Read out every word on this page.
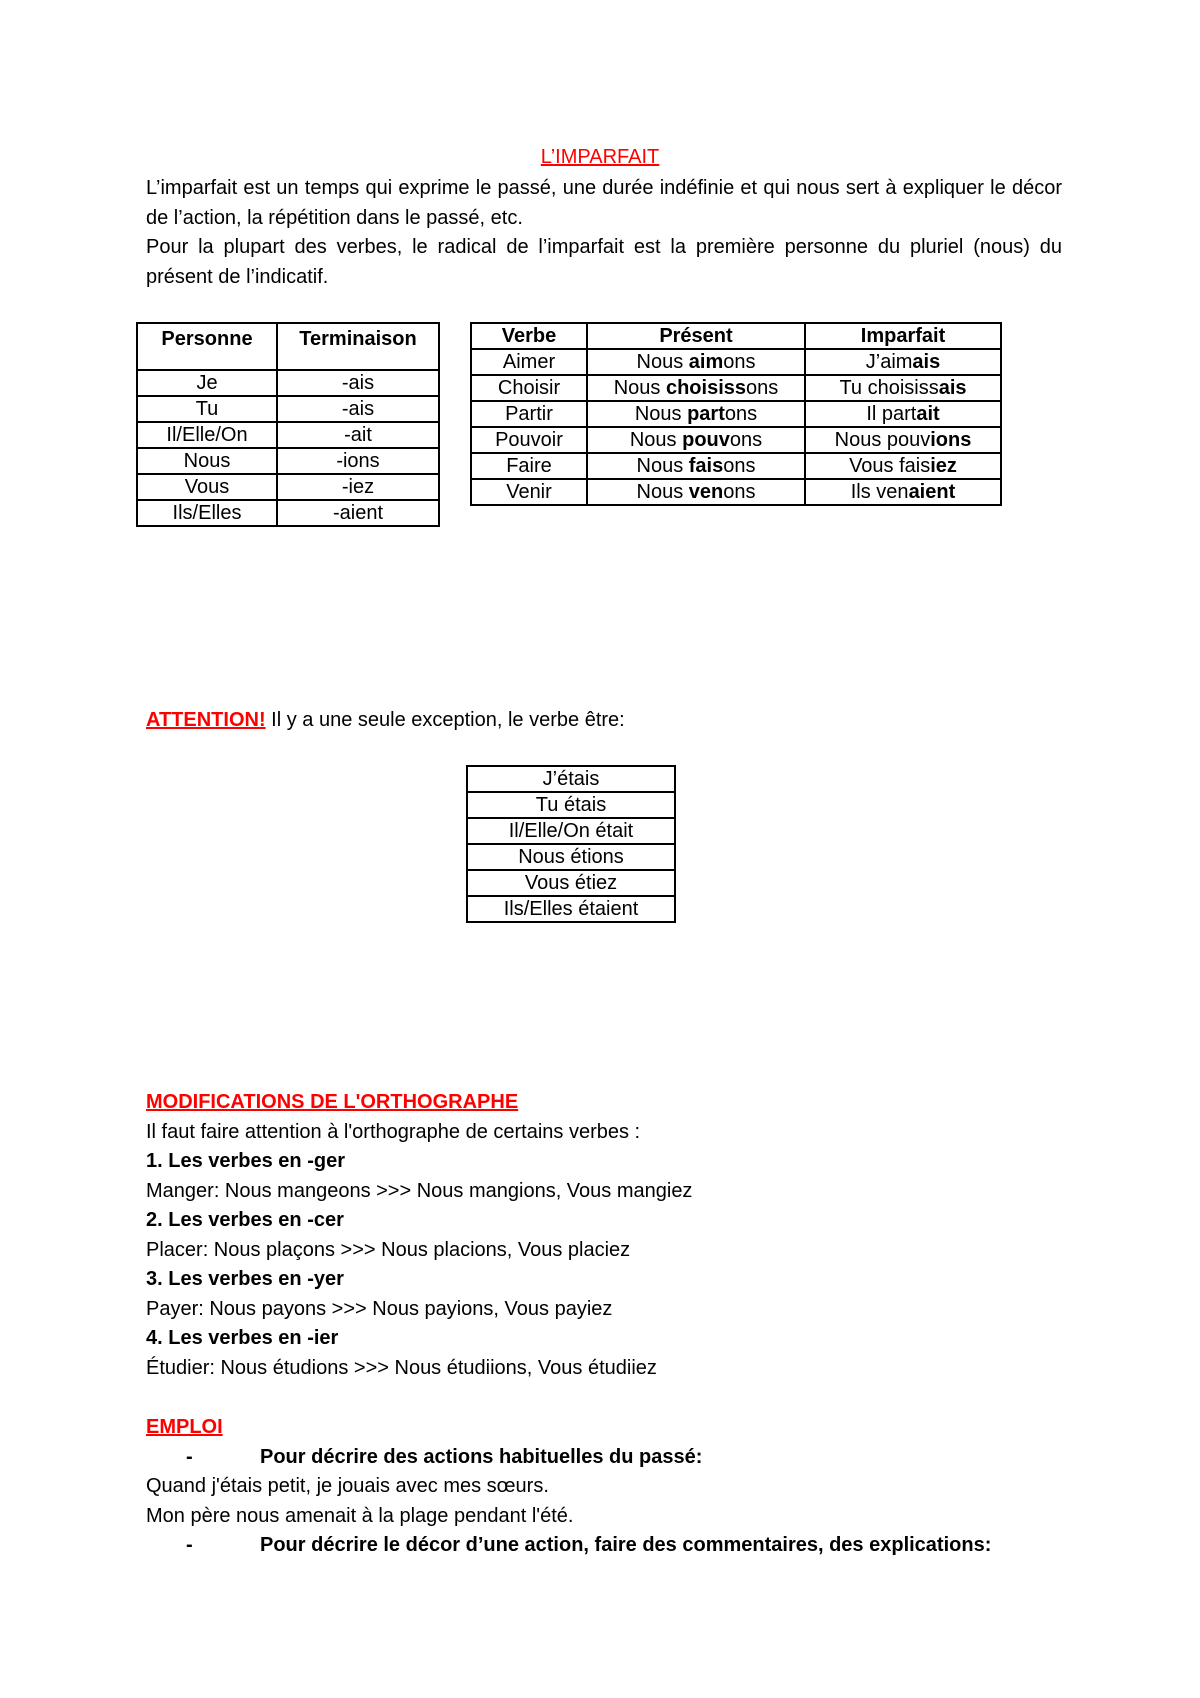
L’IMPARFAIT
L’imparfait est un temps qui exprime le passé, une durée indéfinie et qui nous sert à expliquer le décor de l’action, la répétition dans le passé, etc.
Pour la plupart des verbes, le radical de l’imparfait est la première personne du pluriel (nous) du présent de l’indicatif.
Personne	Terminaison
Je	-ais
Tu	-ais
Il/Elle/On	-ait
Nous	-ions
Vous	-iez
Ils/Elles	-aient
Verbe	Présent	Imparfait
Aimer	Nous aimons	J’aimais
Choisir	Nous choisissons	Tu choisissais
Partir	Nous partons	Il partait
Pouvoir	Nous pouvons	Nous pouvions
Faire	Nous faisons	Vous faisiez
Venir	Nous venons	Ils venaient
ATTENTION! Il y a une seule exception, le verbe être:
J’étais
Tu étais
Il/Elle/On était
Nous étions
Vous étiez
Ils/Elles étaient
MODIFICATIONS DE L'ORTHOGRAPHE
Il faut faire attention à l'orthographe de certains verbes :
1. Les verbes en -ger
Manger: Nous mangeons >>> Nous mangions, Vous mangiez
2. Les verbes en -cer
Placer: Nous plaçons >>> Nous placions, Vous placiez
3. Les verbes en -yer
Payer: Nous payons >>> Nous payions, Vous payiez
4. Les verbes en -ier
Étudier: Nous étudions >>> Nous étudiions, Vous étudiiez
EMPLOI
-	Pour décrire des actions habituelles du passé:
Quand j'étais petit, je jouais avec mes sœurs.
Mon père nous amenait à la plage pendant l'été.
-	Pour décrire le décor d’une action, faire des commentaires, des explications:
